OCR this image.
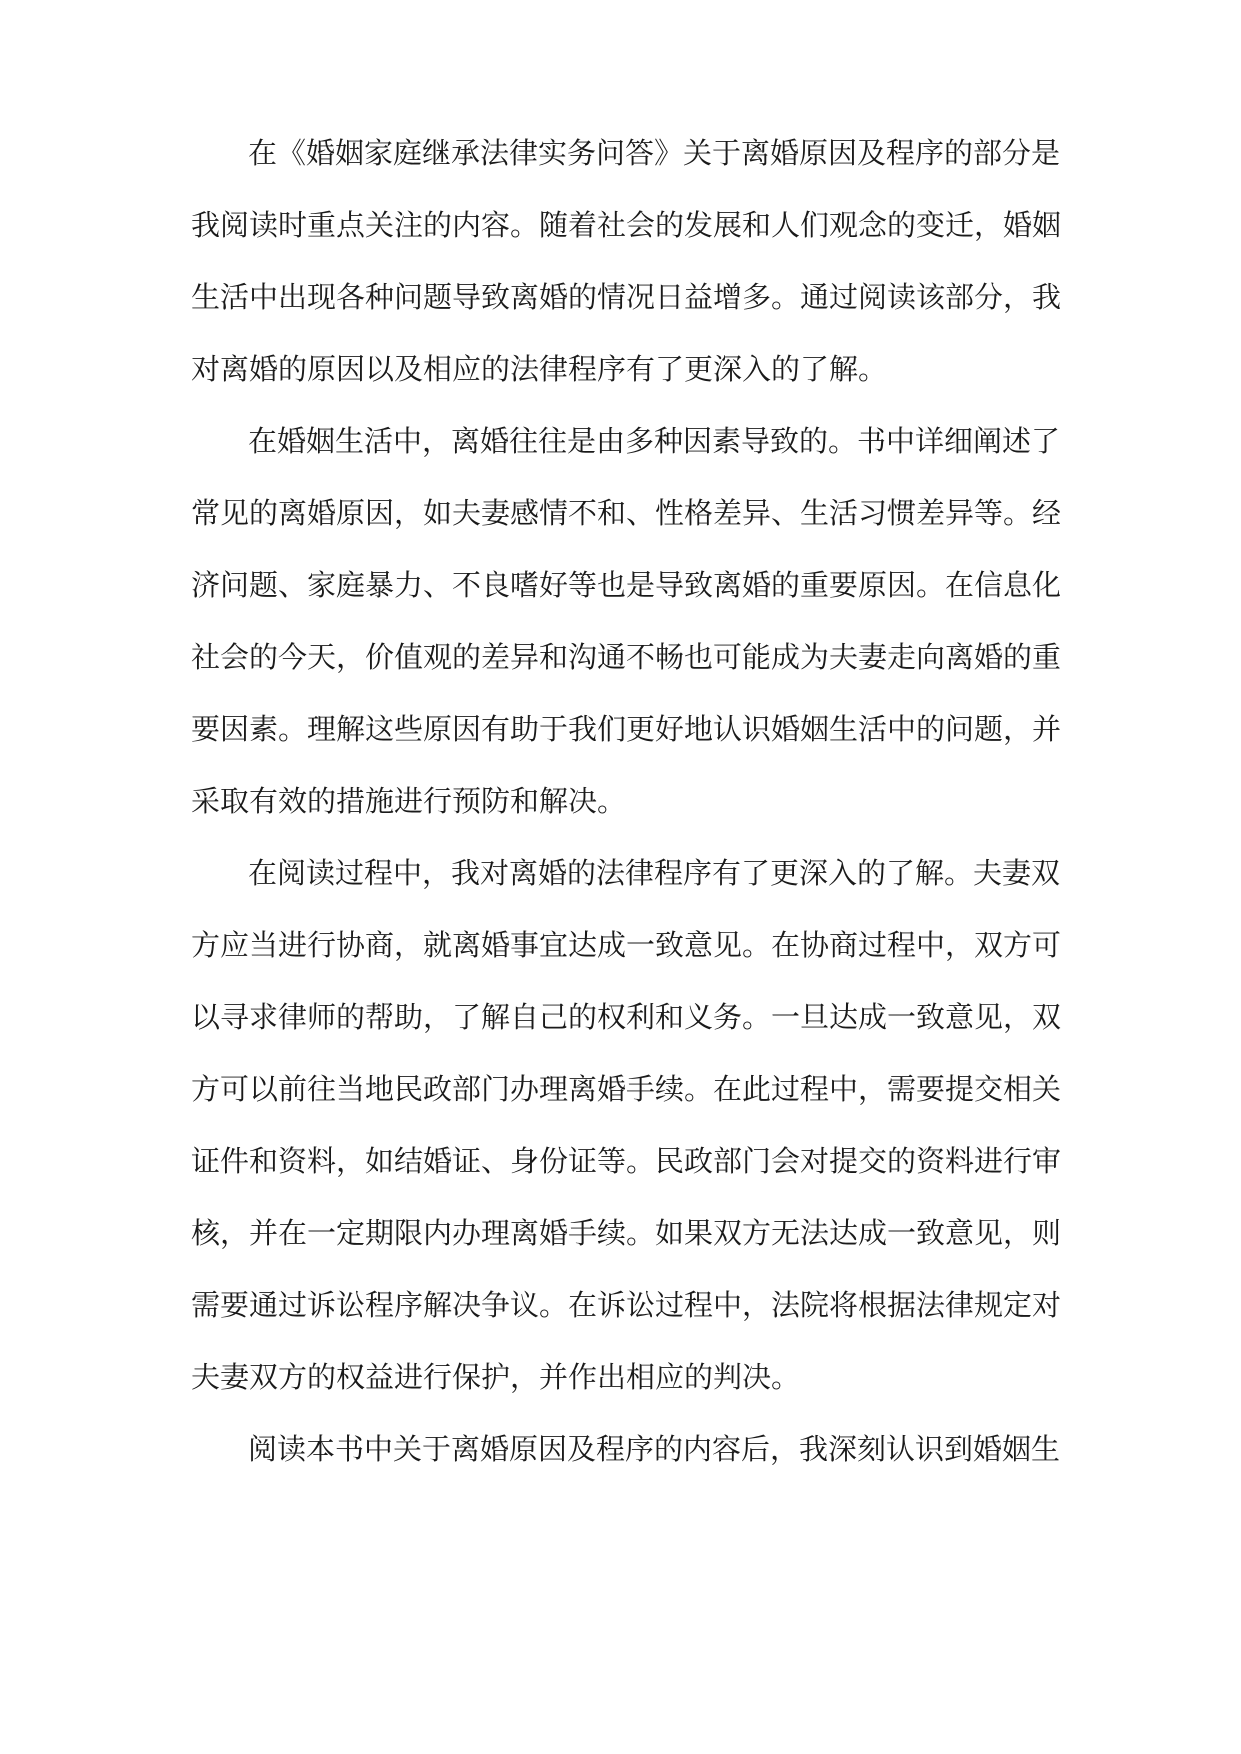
在《婚姻家庭继承法律实务问答》关于离婚原因及程序的部分是
我阅读时重点关注的内容。随着社会的发展和人们观念的变迁，婚姻
生活中出现各种问题导致离婚的情况日益增多。通过阅读该部分，我
对离婚的原因以及相应的法律程序有了更深入的了解。
在婚姻生活中，离婚往往是由多种因素导致的。书中详细阐述了
常见的离婚原因，如夫妻感情不和、性格差异、生活习惯差异等。经
济问题、家庭暴力、不良嗜好等也是导致离婚的重要原因。在信息化
社会的今天，价值观的差异和沟通不畅也可能成为夫妻走向离婚的重
要因素。理解这些原因有助于我们更好地认识婚姻生活中的问题，并
采取有效的措施进行预防和解决。
在阅读过程中，我对离婚的法律程序有了更深入的了解。夫妻双
方应当进行协商，就离婚事宜达成一致意见。在协商过程中，双方可
以寻求律师的帮助，了解自己的权利和义务。一旦达成一致意见，双
方可以前往当地民政部门办理离婚手续。在此过程中，需要提交相关
证件和资料，如结婚证、身份证等。民政部门会对提交的资料进行审
核，并在一定期限内办理离婚手续。如果双方无法达成一致意见，则
需要通过诉讼程序解决争议。在诉讼过程中，法院将根据法律规定对
夫妻双方的权益进行保护，并作出相应的判决。
阅读本书中关于离婚原因及程序的内容后，我深刻认识到婚姻生
